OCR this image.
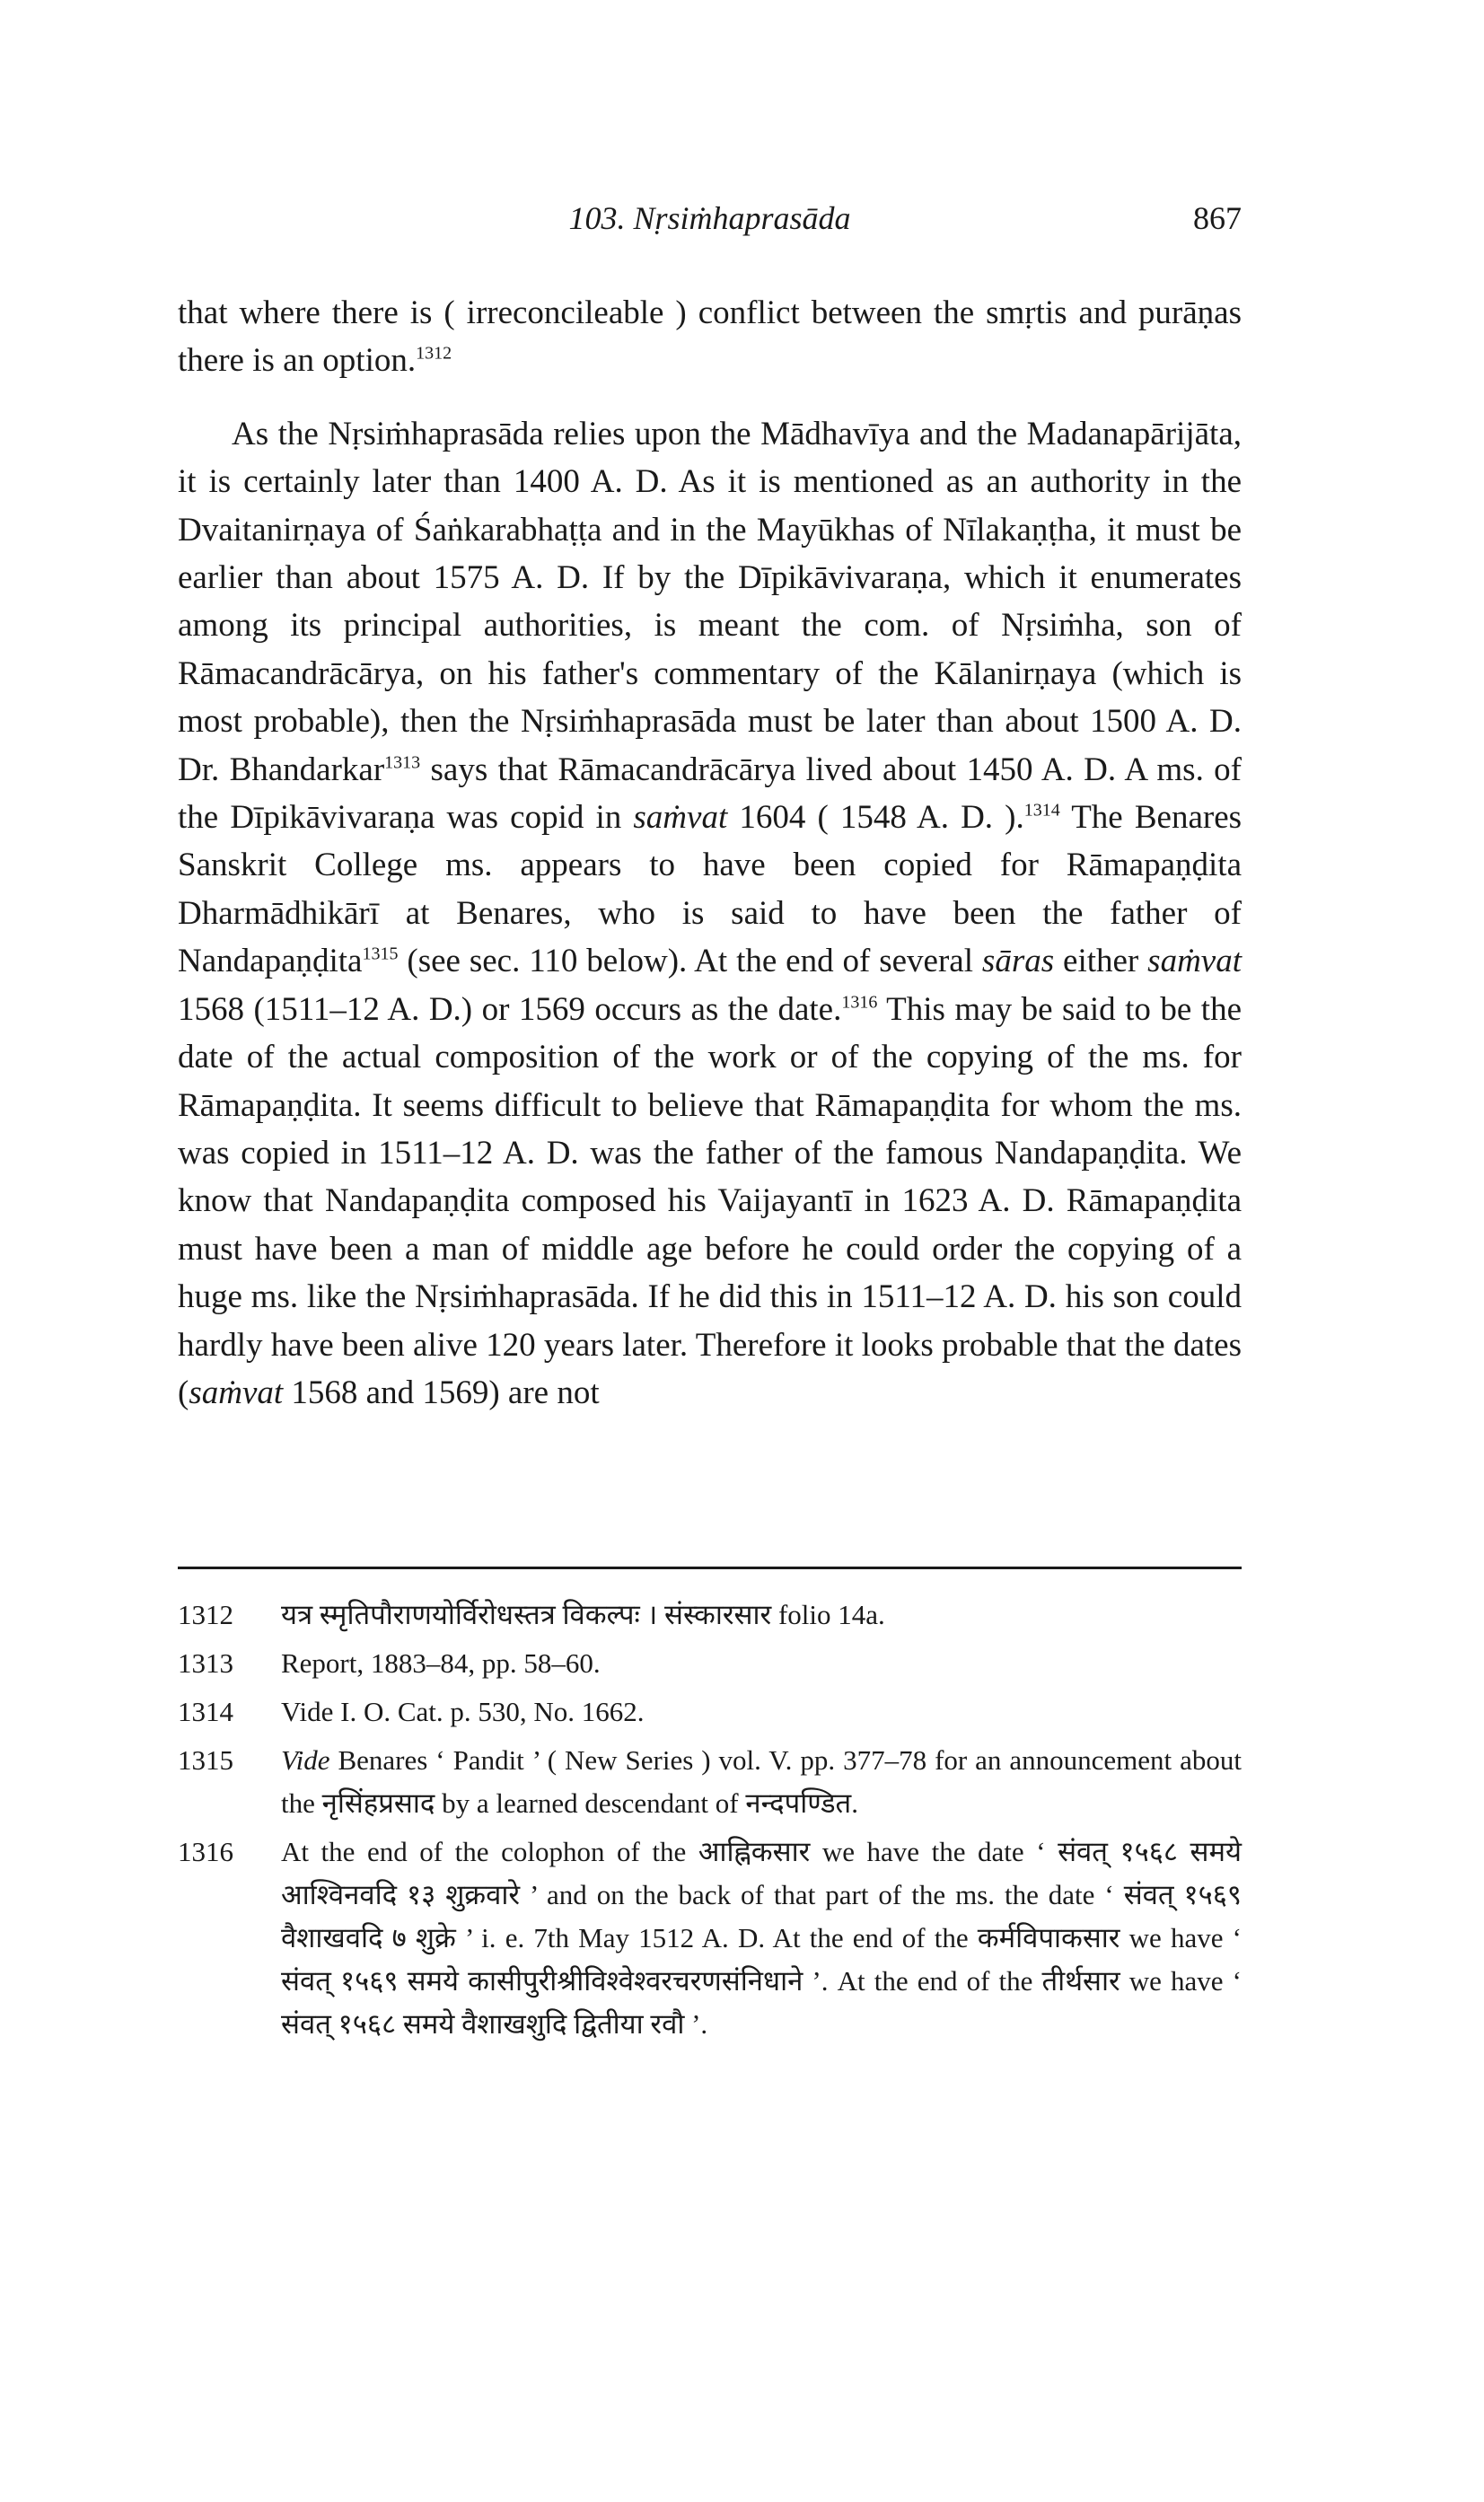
103. Nṛsiṁhaprasāda	867

that where there is ( irreconcileable ) conflict between the smṛtis and purāṇas there is an option.$^{1312}$

As the Nṛsiṁhaprasāda relies upon the Mādhavīya and the Madanapārijāta, it is certainly later than 1400 A. D. As it is mentioned as an authority in the Dvaitanirṇaya of Śaṅkarabhaṭṭa and in the Mayūkhas of Nīlakaṇṭha, it must be earlier than about 1575 A. D. If by the Dīpikāvivaraṇa, which it enumerates among its principal authorities, is meant the com. of Nṛsiṁha, son of Rāmacandrācārya, on his father's commentary of the Kālanirṇaya (which is most probable), then the Nṛsiṁhaprasāda must be later than about 1500 A. D. Dr. Bhandarkar$^{1313}$ says that Rāmacandrācārya lived about 1450 A. D. A ms. of the Dīpikāvivaraṇa was copid in saṁvat 1604 ( 1548 A. D. ).$^{1314}$ The Benares Sanskrit College ms. appears to have been copied for Rāmapaṇḍita Dharmādhikārī at Benares, who is said to have been the father of Nandapaṇḍita$^{1315}$ (see sec. 110 below). At the end of several sāras either saṁvat 1568 (1511–12 A. D.) or 1569 occurs as the date.$^{1316}$ This may be said to be the date of the actual composition of the work or of the copying of the ms. for Rāmapaṇḍita. It seems difficult to believe that Rāmapaṇḍita for whom the ms. was copied in 1511–12 A. D. was the father of the famous Nandapaṇḍita. We know that Nandapaṇḍita composed his Vaijayantī in 1623 A. D. Rāmapaṇḍita must have been a man of middle age before he could order the copying of a huge ms. like the Nṛsiṁhaprasāda. If he did this in 1511–12 A. D. his son could hardly have been alive 120 years later. Therefore it looks probable that the dates (saṁvat 1568 and 1569) are not

1312	यत्र स्मृतिपौराणयोर्विरोधस्तत्र विकल्पः । संस्कारसार folio 14a.
1313	Report, 1883–84, pp. 58–60.
1314	Vide I. O. Cat. p. 530, No. 1662.
1315	Vide Benares ‘ Pandit ’ ( New Series ) vol. V. pp. 377–78 for an announcement about the नृसिंहप्रसाद by a learned descendant of नन्दपण्डित.
1316	At the end of the colophon of the आह्निकसार we have the date ‘ संवत् १५६८ समये आश्विनवदि १३ शुक्रवारे ’ and on the back of that part of the ms. the date ‘ संवत् १५६९ वैशाखवदि ७ शुक्रे ’ i. e. 7th May 1512 A. D. At the end of the कर्मविपाकसार we have ‘ संवत् १५६९ समये कासीपुरीश्रीविश्वेश्वरचरणसंनिधाने ’. At the end of the तीर्थसार we have ‘ संवत् १५६८ समये वैशाखशुदि द्वितीया रवौ ’.
